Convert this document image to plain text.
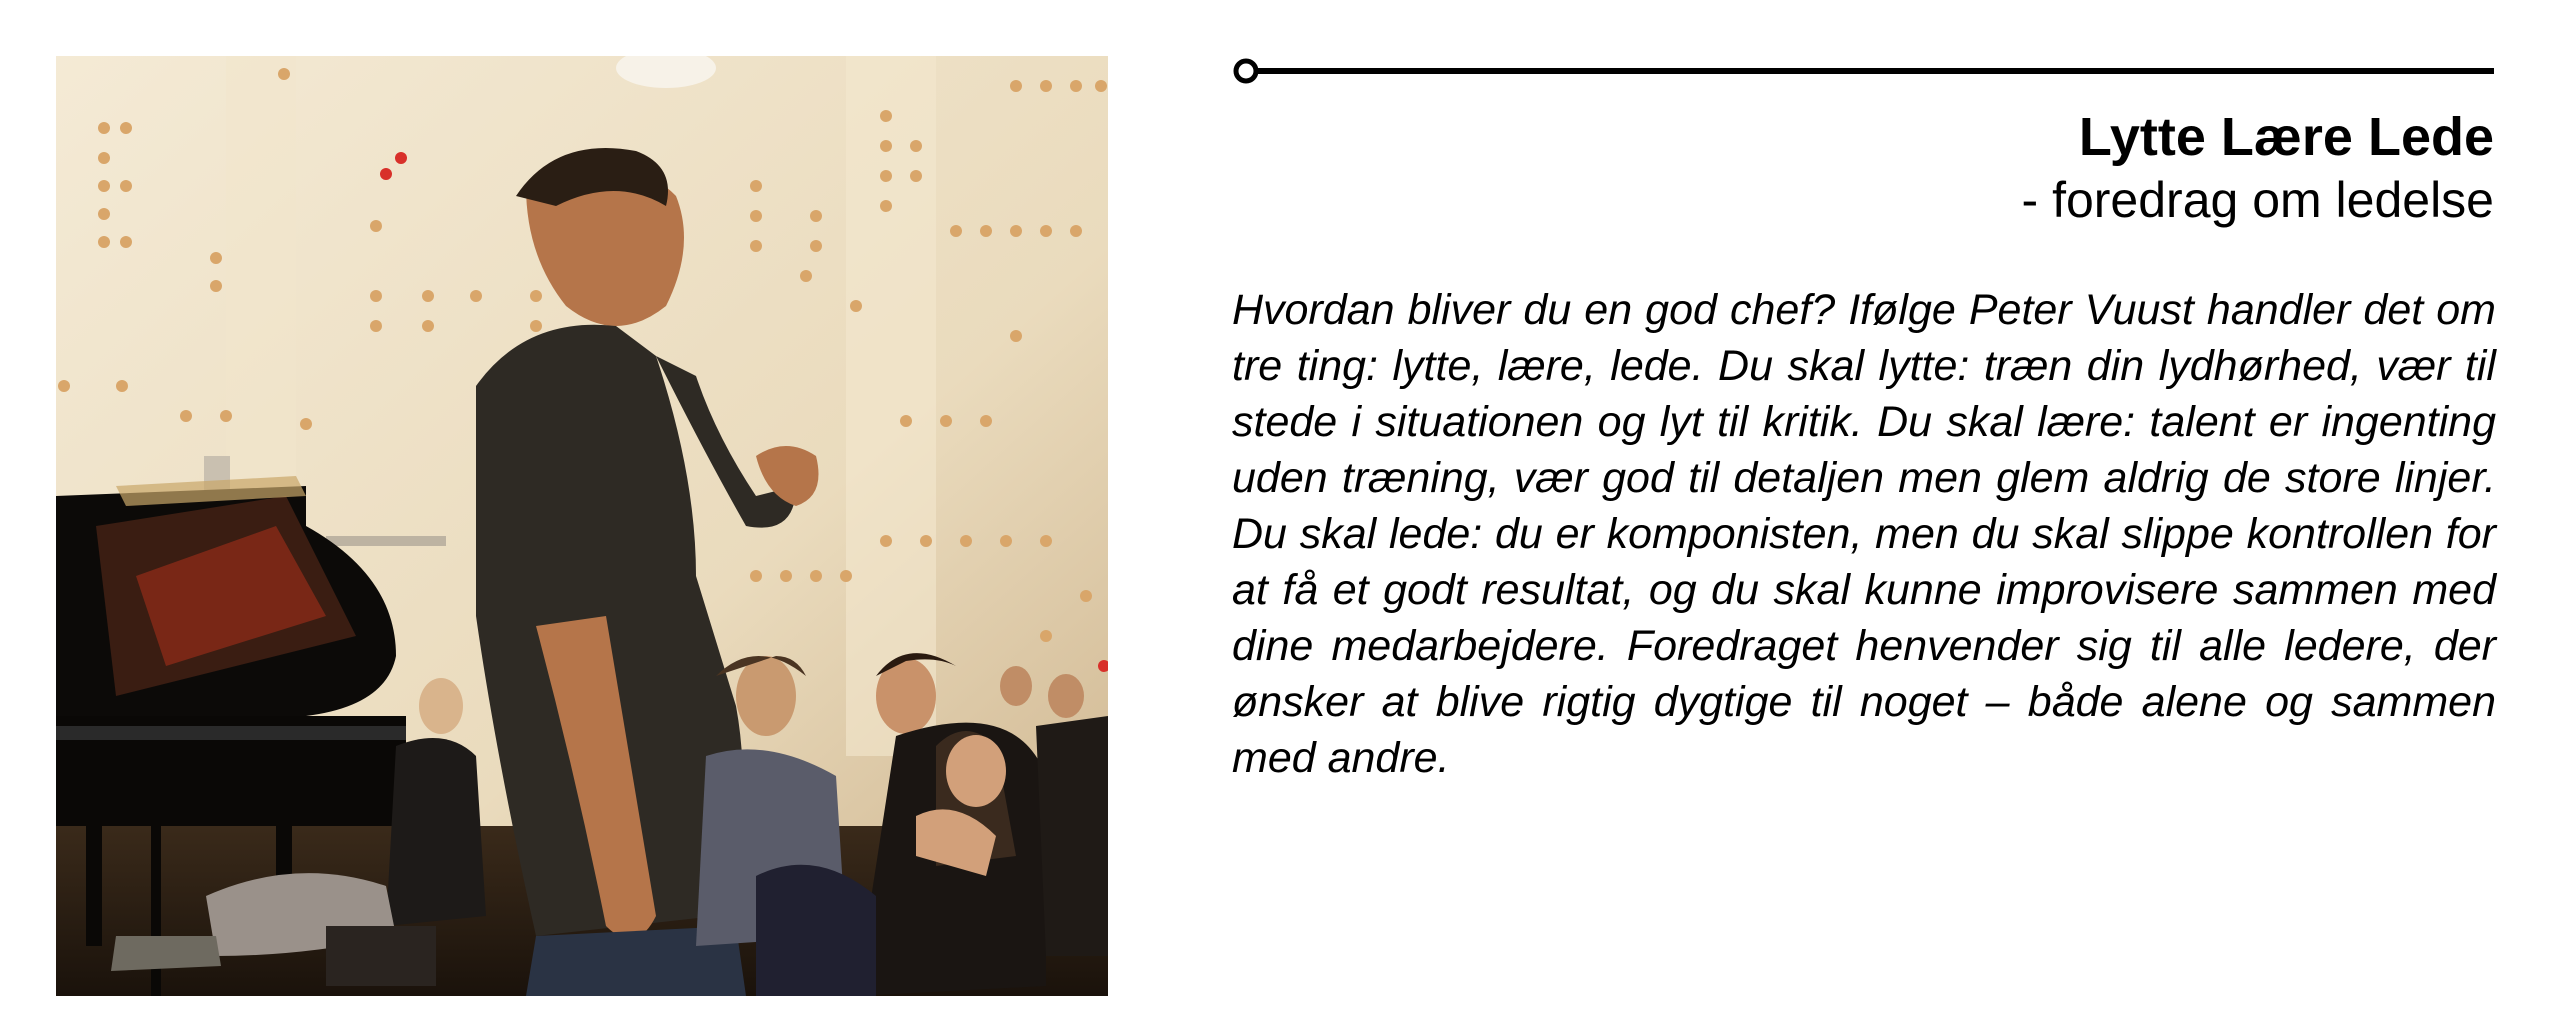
Lytte Lære Lede
- foredrag om ledelse
Hvordan bliver du en god chef? Ifølge Peter Vuust handler det om tre ting: lytte, lære, lede. Du skal lytte: træn din lydhørhed, vær til stede i situationen og lyt til kritik. Du skal lære: talent er ingenting uden træning, vær god til detaljen men glem aldrig de store linjer. Du skal lede: du er komponisten, men du skal slippe kontrollen for at få et godt resultat, og du skal kunne improvisere sammen med dine medarbejdere. Foredraget henvender sig til alle ledere, der ønsker at blive rigtig dygtige til noget – både alene og sammen med andre.
